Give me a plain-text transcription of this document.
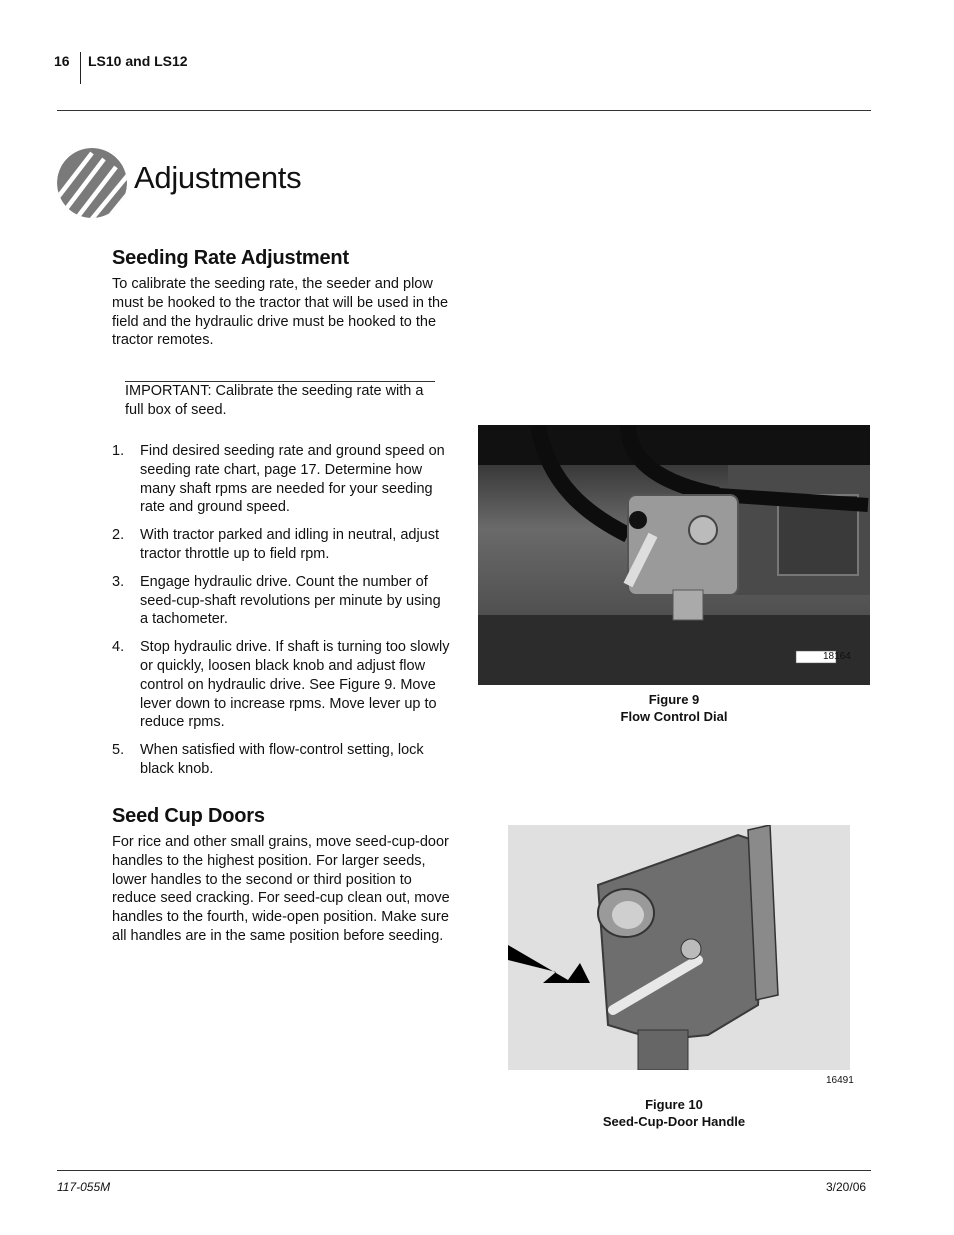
16 LS10 and LS12
Adjustments
Seeding Rate Adjustment
To calibrate the seeding rate, the seeder and plow must be hooked to the tractor that will be used in the field and the hydraulic drive must be hooked to the tractor remotes.
IMPORTANT: Calibrate the seeding rate with a full box of seed.
1. Find desired seeding rate and ground speed on seeding rate chart, page 17. Determine how many shaft rpms are needed for your seeding rate and ground speed.
2. With tractor parked and idling in neutral, adjust tractor throttle up to field rpm.
3. Engage hydraulic drive. Count the number of seed-cup-shaft revolutions per minute by using a tachometer.
4. Stop hydraulic drive. If shaft is turning too slowly or quickly, loosen black knob and adjust flow control on hydraulic drive. See Figure 9. Move lever down to increase rpms. Move lever up to reduce rpms.
5. When satisfied with flow-control setting, lock black knob.
Seed Cup Doors
For rice and other small grains, move seed-cup-door handles to the highest position. For larger seeds, lower handles to the second or third position to reduce seed cracking. For seed-cup clean out, move handles to the fourth, wide-open position. Make sure all handles are in the same position before seeding.
18164
Figure 9
Flow Control Dial
16491
Figure 10
Seed-Cup-Door Handle
117-055M	3/20/06
